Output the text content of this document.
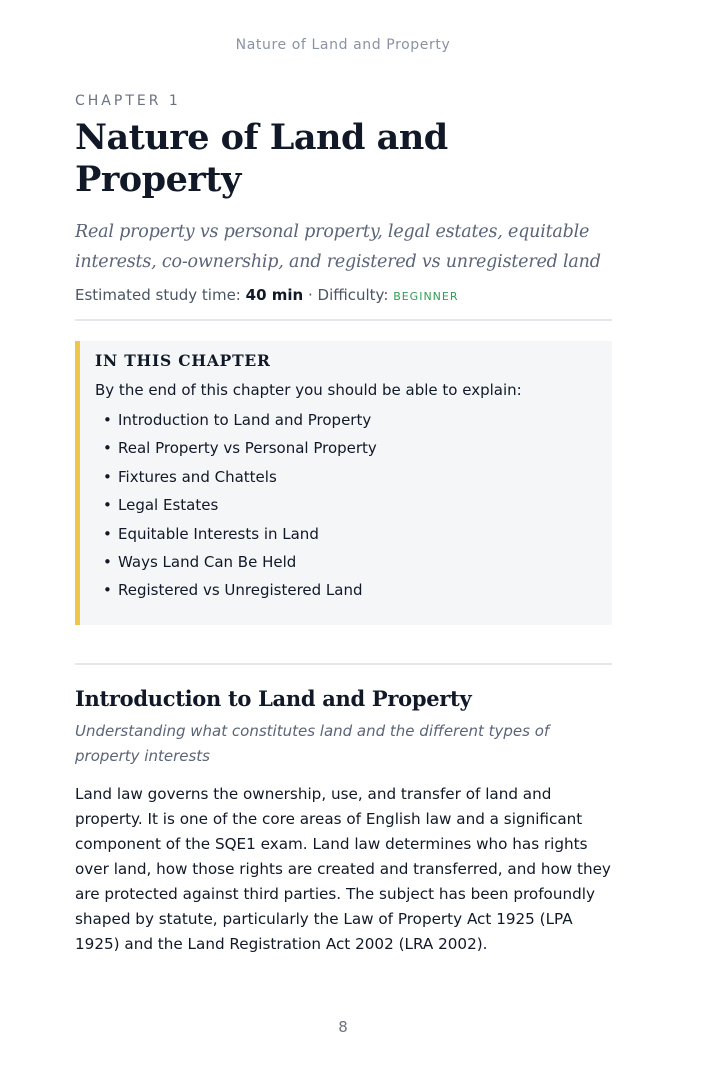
Nature of Land and Property

CHAPTER 1

Nature of Land and Property

Real property vs personal property, legal estates, equitable interests, co-ownership, and registered vs unregistered land

Estimated study time: 40 min · Difficulty: BEGINNER

IN THIS CHAPTER

By the end of this chapter you should be able to explain:

• Introduction to Land and Property
• Real Property vs Personal Property
• Fixtures and Chattels
• Legal Estates
• Equitable Interests in Land
• Ways Land Can Be Held
• Registered vs Unregistered Land
Introduction to Land and Property

Understanding what constitutes land and the different types of property interests

Land law governs the ownership, use, and transfer of land and property. It is one of the core areas of English law and a significant component of the SQE1 exam. Land law determines who has rights over land, how those rights are created and transferred, and how they are protected against third parties. The subject has been profoundly shaped by statute, particularly the Law of Property Act 1925 (LPA 1925) and the Land Registration Act 2002 (LRA 2002).

8
